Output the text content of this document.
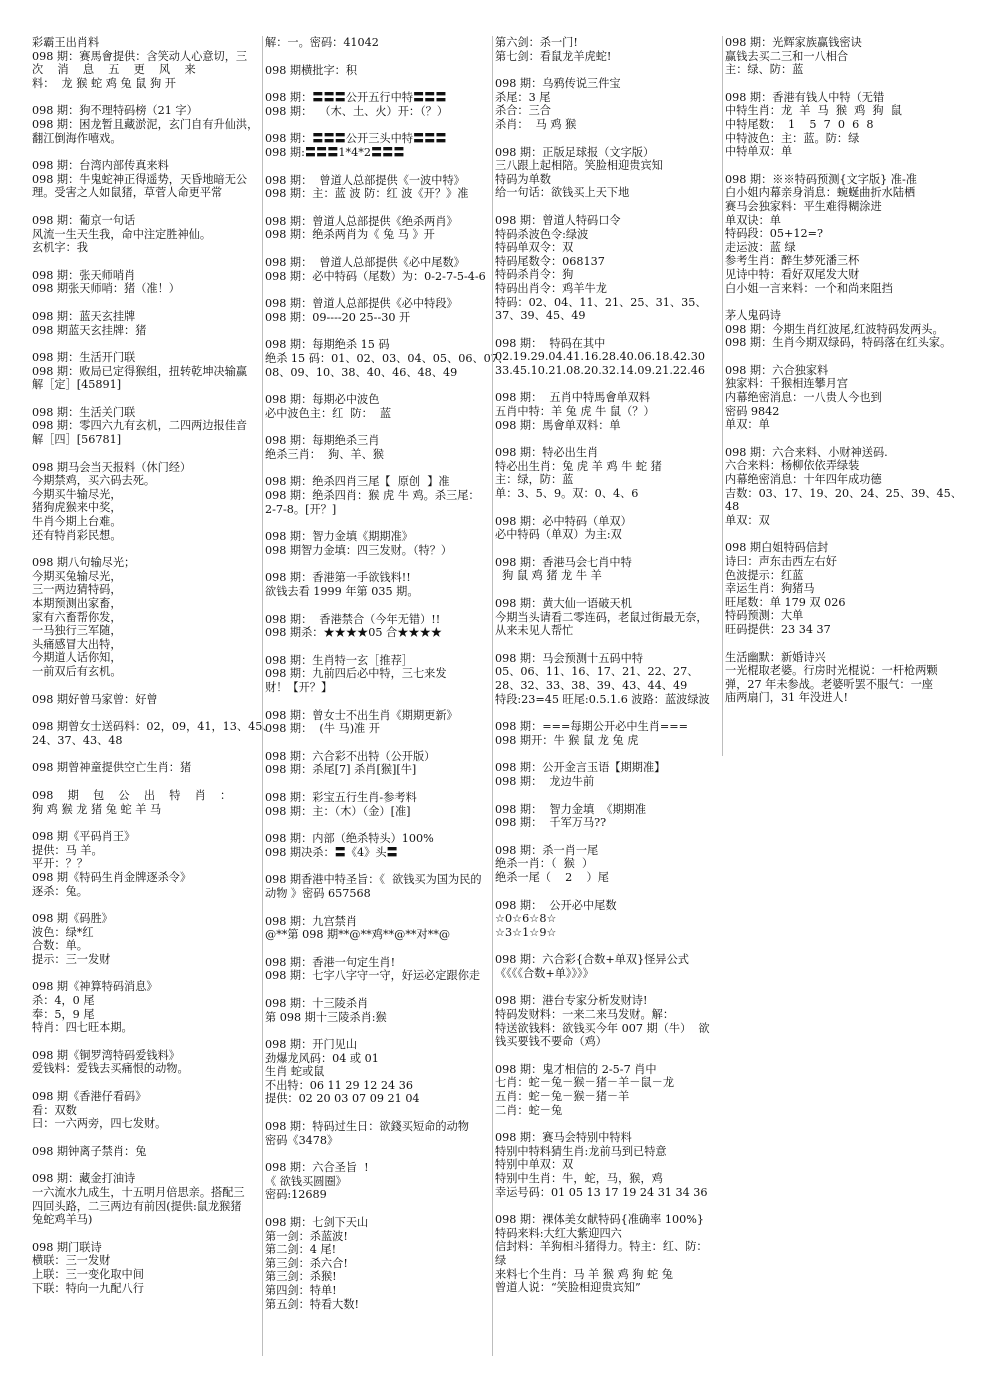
彩霸王出肖料
098 期：赛馬會提供：含笑动人心意切，三
次    消    息    五    更    风    来
料：  龙 猴 蛇 鸡 兔 鼠 狗 开
098 期：狗不理特码榜（21 字）
098 期：困龙暂且藏淤泥，玄门自有升仙洪，
翻江倒海作嘻戏。
098 期：台湾内部传真来料
098 期：牛鬼蛇神正得遥势，天昏地暗无公
理。受害之人如鼠猪，草菅人命更平常
098 期：葡京一句话
风流一生天生我，命中注定胜神仙。
玄机字：我
098 期：张天师哨肖
098 期张天师哨：猪（准！）
098 期：蓝天玄挂牌
098 期蓝天玄挂牌：猪
098 期：生活开门联
098 期：败局已定得猴组，扭转乾坤决输赢
解［定］[45891]
098 期：生活关门联
098 期：零四六九有玄机，二四两边报佳音
解［四］[56781]
098 期马会当天报料（休门经）
今期禁鸡，买六码去死。
今期买牛输尽光，
猪狗虎猴来中奖，
牛肖今期上台难。
还有特肖彩民想。
098 期八句输尽光；
今期买兔输尽光，
三一两边猜特码，
本期预测出家畜，
家有六畜帮你发，
一马独行三军随，
头痛感冒大出特，
今期道人话你知，
一前双后有玄机。
098 期好曾马家曾：好曾
098 期曾女士送码料：02，09，41，13、45、
24、37、43、48
098 期曾神童提供空亡生肖：猪
098    期    包    公    出    特    肖    ：
狗 鸡 猴 龙 猪 兔 蛇 羊 马
098 期《平码肖王》
提供：马 羊。
平开：？？
098 期《特码生肖金牌逐杀令》
逐杀：兔。
098 期《码胜》
波色：绿*红
合数：单。
提示：三一发财
098 期《神算特码消息》
杀：4，0 尾
奉：5，9 尾
特肖：四七旺本期。
098 期《铜罗湾特码爱钱料》
爱钱料：爱钱去买痛恨的动物。
098 期《香港仔看码》
看：双数
曰：一六两旁，四七发财。
098 期钟离子禁肖：兔
098 期：藏金打油诗
一六流水九成生，十五明月倍思亲。搭配三
四回头路，二三两边有前因(提供:鼠龙猴猪
兔蛇鸡羊马)
098 期门联诗
横联：三一发财
上联：三一变化取中间
下联：特向一九配八行
解：一。密码：41042
098 期横批字：积
098 期：〓〓〓公开五行中特〓〓〓
098 期：  （木、土、火）开：（？）
098 期：〓〓〓公开三头中特〓〓〓
098 期:〓〓〓1*4*2〓〓〓
098 期：  曾道人总部提供《一波中特》
098 期：主：蓝 波 防：红 波《开？》准
098 期：曾道人总部提供《绝杀两肖》
098 期：绝杀两肖为《 兔 马 》开
098 期：  曾道人总部提供《必中尾数》
098 期：必中特码（尾数）为：0-2-7-5-4-6
098 期：曾道人总部提供《必中特段》
098 期：09----20 25--30 开
098 期：每期绝杀 15 码
绝杀 15 码：01、02、03、04、05、06、07、
08、09、10、38、40、46、48、49
098 期：每期必中波色
必中波色主：红  防：  蓝
098 期：每期绝杀三肖
绝杀三肖：  狗、羊、猴
098 期：绝杀四肖三尾【  原创  】准
098 期：绝杀四肖：猴 虎 牛 鸡。杀三尾：
2-7-8。[开？]
098 期：智力金填《期期准》
098 期智力金填：四三发财。（特？）
098 期：香港第一手欲钱料!!
欲钱去看 1999 年第 035 期。
098 期：  香港禁合（今年无错）!!
098 期杀：★★★★05 合★★★★
098 期：生肖特一玄［推荐］
098 期：九前四后必中特，三七来发
财！【开？】
098 期：曾女士不出生肖《期期更新》
098 期：  (牛 马)准 开
098 期：六合彩不出特（公开版）
098 期：杀尾[7] 杀肖[猴][牛]
098 期：彩宝五行生肖-参考料
098 期：主：（木）（金）[准]
098 期：内部（绝杀特头）100%
098 期决杀：〓《4》头〓
098 期香港中特圣旨：《  欲钱买为国为民的
动物 》密码 657568
098 期：九宫禁肖
@**第 098 期**@**鸡**@**对**@
098 期：香港一句定生肖!
098 期：七字八字守一守，好运必定跟你走
098 期：十三陵杀肖
第 098 期十三陵杀肖:猴
098 期：开门见山
劲爆龙风码：04 或 01
生肖 蛇或鼠
不出特：06 11 29 12 24 36
提供：02 20 03 07 09 21 04
098 期：特码过生日：欲錢买短命的动物
密码《3478》
098 期：六合圣旨  !
《 欲钱买圆圈》
密码:12689
098 期：七剑下天山
第一剑：杀蓝波!
第二剑：4 尾!
第三剑：杀六合!
第三剑：杀猴!
第四剑：特单!
第五剑：特看大数!
第六剑：杀一门!
第七剑：看鼠龙羊虎蛇!
098 期：乌鸦传说三件宝
杀尾：3 尾
杀合：三合
杀肖：  马 鸡 猴
098 期：正版足球报（文字版）
三八跟上起相陪。笑脸相迎贵宾知
特码为单数
给一句话：欲钱买上天下地
098 期：曾道人特码口令
特码杀波色令:绿波
特码单双令：双
特码尾数令：068137
特码杀肖令：狗
特码出肖令：鸡羊牛龙
特码：02、04、11、21、25、31、35、
37、39、45、49
098 期：  特码在其中
02.19.29.04.41.16.28.40.06.18.42.30
33.45.10.21.08.20.32.14.09.21.22.46
098 期：  五肖中特馬會单双料
五肖中特：羊 兔 虎 牛 鼠（？）
098 期：馬會单双料：单
098 期：特必出生肖
特必出生肖：兔 虎 羊 鸡 牛 蛇 猪
主：绿，防：蓝
单：3、5、9。双：0、4、6
098 期：必中特码（单双）
必中特码（单双）为主:双
098 期：香港马会七肖中特
狗 鼠 鸡 猪 龙 牛 羊
098 期：黄大仙一语破天机
今期当头请看二零连码，老鼠过街最无奈，
从来未见人帮忙
098 期：马会预测十五码中特
05、06、11、16、17、21、22、27、
28、32、33、38、39、43、44、49
特段:23=45 旺尾:0.5.1.6 波路：蓝波绿波
098 期：===每期公开必中生肖===
098 期开：牛 猴 鼠 龙 兔 虎
098 期：公开金言玉语【期期准】
098 期：  龙边牛前
098 期：  智力金填  《期期准
098 期：  千军万马??
098 期：杀一肖一尾
绝杀一肖：（  猴  ）
绝杀一尾（    2    ）尾
098 期：  公开必中尾数
☆0☆6☆8☆
☆3☆1☆9☆
098 期：六合彩{合数+单双}怪异公式
《《《《合数+单》》》》
098 期：港台专家分析发财诗!
特码发财料：一来二来马发财。解：
特送欲钱料：欲钱买今年 007 期（牛）  欲
钱买要钱不要命（鸡）
098 期：鬼才相信的 2-5-7 肖中
七肖：蛇－兔－猴－猪－羊－鼠－龙
五肖：蛇－兔－猴－猪－羊
二肖：蛇－兔
098 期：赛马会特别中特料
特别中特料猜生肖:龙前马到已特意
特别中单双：双
特别中生肖：牛，蛇，马，猴，鸡
幸运号码：01 05 13 17 19 24 31 34 36
098 期：裸体美女献特码{准确率 100%}
特码来料:大红大紫迎四六
信封料：羊狗相斗猪得力。特主：红、防：
绿
来料七个生肖：马 羊 猴 鸡 狗 蛇 兔
曾道人说：“笑脸相迎贵宾知”
098 期：光辉家族赢钱密诀
赢钱去买二三和一八相合
主：绿、防：蓝
098 期：香港有钱人中特（无错
中特生肖：龙  羊  马  猴  鸡  狗  鼠
中特尾数：  1    5  7  0  6  8
中特波色：主：蓝。防：绿
中特单双：单
098 期：※※特码预测{文字版} 准-准
白小姐内幕亲身消息：蜿蜒曲折水陆栖
赛马会独家料：平生难得糊涂进
单双诀：单
特码段：05+12=?
走运波：蓝 绿
参考生肖：醉生梦死潘三杯
见诗中特：看好双尾发大财
白小姐一言来料：一个和尚来阻挡
茅人鬼码诗
098 期：今期生肖红波尾,红波特码发两头。
098 期：生肖今期双绿码，特码落在红头家。
098 期：六合独家料
独家料：千猴相连攀月宫
内幕绝密消息：一八贵人今也到
密码 9842
单双：单
098 期：六合来料、小财神送码.
六合来料：杨柳依依弄绿装
内幕绝密消息：十年四年成功德
吉数：03、17、19、20、24、25、39、45、
48
单双：双
098 期白姐特码信封
诗曰：声东击西左右好
色波提示：红蓝
幸运生肖：狗猪马
旺尾数：单 179 双 026
特码预测：大单
旺码提供：23 34 37
生活幽默：新婚诗兴
一光棍取老婆。行房时光棍说：一杆枪两颗
弹，27 年未参战。老婆听罢不服气：一座
庙两扇门，31 年没进人!
